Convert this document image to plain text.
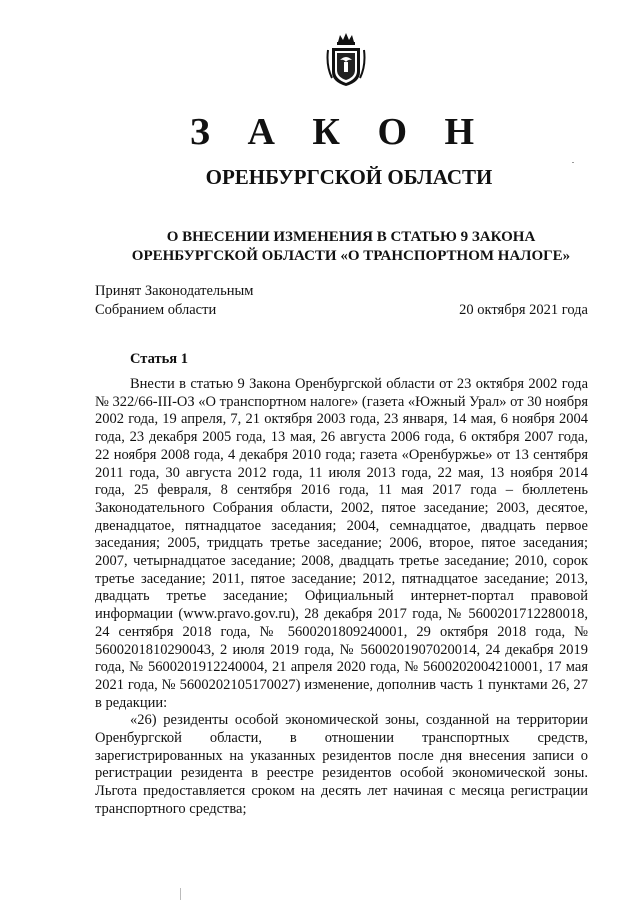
З А К О Н
ОРЕНБУРГСКОЙ ОБЛАСТИ
О ВНЕСЕНИИ ИЗМЕНЕНИЯ В СТАТЬЮ 9 ЗАКОНА
ОРЕНБУРГСКОЙ ОБЛАСТИ «О ТРАНСПОРТНОМ НАЛОГЕ»
Принят Законодательным
Собранием области	20 октября 2021 года
Статья 1

Внести в статью 9 Закона Оренбургской области от 23 октября 2002 года № 322/66-III-ОЗ «О транспортном налоге» (газета «Южный Урал» от 30 ноября 2002 года, 19 апреля, 7, 21 октября 2003 года, 23 января, 14 мая, 6 ноября 2004 года, 23 декабря 2005 года, 13 мая, 26 августа 2006 года, 6 октября 2007 года, 22 ноября 2008 года, 4 декабря 2010 года; газета «Оренбуржье» от 13 сентября 2011 года, 30 августа 2012 года, 11 июля 2013 года, 22 мая, 13 ноября 2014 года, 25 февраля, 8 сентября 2016 года, 11 мая 2017 года – бюллетень Законодательного Собрания области, 2002, пятое заседание; 2003, десятое, двенадцатое, пятнадцатое заседания; 2004, семнадцатое, двадцать первое заседания; 2005, тридцать третье заседание; 2006, второе, пятое заседания; 2007, четырнадцатое заседание; 2008, двадцать третье заседание; 2010, сорок третье заседание; 2011, пятое заседание; 2012, пятнадцатое заседание; 2013, двадцать третье заседание; Официальный интернет-портал правовой информации (www.pravo.gov.ru), 28 декабря 2017 года, № 5600201712280018, 24 сентября 2018 года, № 5600201809240001, 29 октября 2018 года, № 5600201810290043, 2 июля 2019 года, № 5600201907020014, 24 декабря 2019 года, № 5600201912240004, 21 апреля 2020 года, № 5600202004210001, 17 мая 2021 года, № 5600202105170027) изменение, дополнив часть 1 пунктами 26, 27 в редакции:

«26) резиденты особой экономической зоны, созданной на территории Оренбургской области, в отношении транспортных средств, зарегистрированных на указанных резидентов после дня внесения записи о регистрации резидента в реестре резидентов особой экономической зоны. Льгота предоставляется сроком на десять лет начиная с месяца регистрации транспортного средства;
